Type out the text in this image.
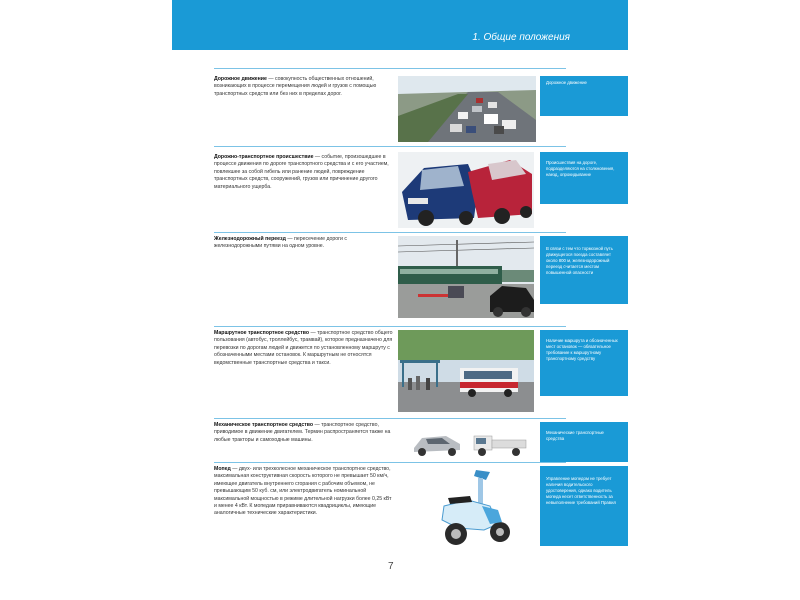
1. Общие положения
Дорожное движение — совокупность общественных отношений, возникающих в процессе перемещения людей и грузов с помощью транспортных средств или без них в пределах дорог.
Дорожное движение
Дорожно-транспортное происшествие — событие, произошедшее в процессе движения по дороге транспортного средства и с его участием, повлекшее за собой гибель или ранение людей, повреждение транспортных средств, сооружений, грузов или причинение другого материального ущерба.
Происшествия на дороге, подразделяются на столкновения, наезд, опрокидывание
Железнодорожный переезд — пересечение дороги с железнодорожными путями на одном уровне.	В связи с тем что тормозной путь движущегося поезда составляет около 800 м, железнодорожный переезд считается местом повышенной опасности
Маршрутное транспортное средство — транспортное средство общего пользования (автобус, троллейбус, трамвай), которое предназначено для перевозки по дорогам людей и движется по установленному маршруту с обозначенными местами остановок. К маршрутным не относятся ведомственные транспортные средства и такси.
Наличие маршрута и обозначенных мест остановок — обязательное требование к маршрутному транспортному средству
Механическое транспортное средство — транспортное средство, приводимое в движение двигателем. Термин распространяется также на любые тракторы и самоходные машины.
Механические транспортные средства
Мопед — двух- или трехколесное механическое транспортное средство, максимальная конструктивная скорость которого не превышает 50 км/ч, имеющее двигатель внутреннего сгорания с рабочим объемом, не превышающим 50 куб. см, или электродвигатель номинальной максимальной мощностью в режиме длительной нагрузки более 0,25 кВт и менее 4 кВт. К мопедам приравниваются квадрициклы, имеющие аналогичные технические характеристики.
Управление мопедом не требует наличия водительского удостоверения, однако водитель мопеда несет ответственность за невыполнение требований Правил
7
